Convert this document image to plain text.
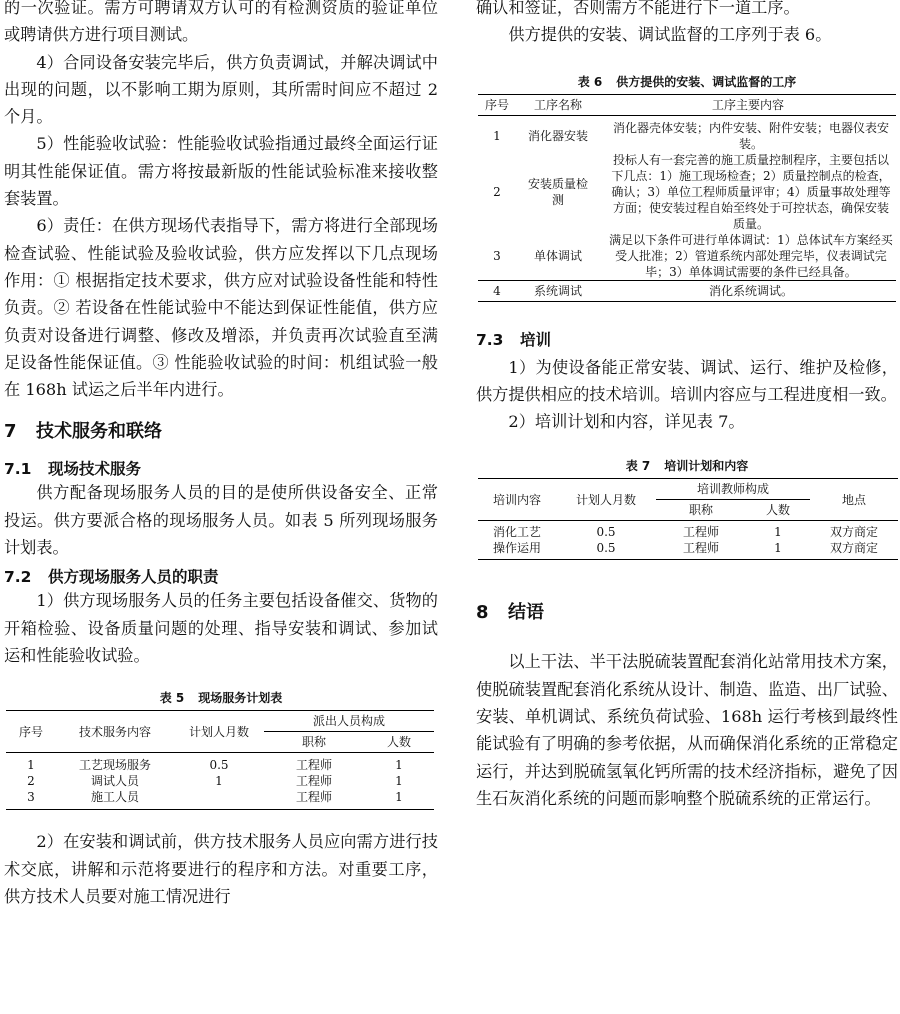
的一次验证。需方可聘请双方认可的有检测资质的验证单位或聘请供方进行项目测试。

4）合同设备安装完毕后，供方负责调试，并解决调试中出现的问题，以不影响工期为原则，其所需时间应不超过 2 个月。

5）性能验收试验：性能验收试验指通过最终全面运行证明其性能保证值。需方将按最新版的性能试验标准来接收整套装置。

6）责任：在供方现场代表指导下，需方将进行全部现场检查试验、性能试验及验收试验，供方应发挥以下几点现场作用：① 根据指定技术要求，供方应对试验设备性能和特性负责。② 若设备在性能试验中不能达到保证性能值，供方应负责对设备进行调整、修改及增添，并负责再次试验直至满足设备性能保证值。③ 性能验收试验的时间：机组试验一般在 168h 试运之后半年内进行。

7 技术服务和联络

7.1 现场技术服务

供方配备现场服务人员的目的是使所供设备安全、正常投运。供方要派合格的现场服务人员。如表 5 所列现场服务计划表。

7.2 供方现场服务人员的职责

1）供方现场服务人员的任务主要包括设备催交、货物的开箱检验、设备质量问题的处理、指导安装和调试、参加试运和性能验收试验。

表 5 现场服务计划表

序号	技术服务内容	计划人月数	派出人员构成	
			职称	人数
1	工艺现场服务	0.5	工程师	1
2	调试人员	1	工程师	1
3	施工人员		工程师	1

2）在安装和调试前，供方技术服务人员应向需方进行技术交底，讲解和示范将要进行的程序和方法。对重要工序，供方技术人员要对施工情况进行

确认和签证，否则需方不能进行下一道工序。

供方提供的安装、调试监督的工序列于表 6。

表 6 供方提供的安装、调试监督的工序

序号	工序名称	工序主要内容
1	消化器安装	消化器壳体安装；内件安装、附件安装；电器仪表安装。
2	安装质量检测	投标人有一套完善的施工质量控制程序，主要包括以下几点：1）施工现场检查；2）质量控制点的检查，确认；3）单位工程师质量评审；4）质量事故处理等方面；使安装过程自始至终处于可控状态，确保安装质量。
3	单体调试	满足以下条件可进行单体调试：1）总体试车方案经买受人批准；2）管道系统内部处理完毕，仪表调试完毕；3）单体调试需要的条件已经具备。
4	系统调试	消化系统调试。

7.3 培训

1）为使设备能正常安装、调试、运行、维护及检修，供方提供相应的技术培训。培训内容应与工程进度相一致。

2）培训计划和内容，详见表 7。

表 7 培训计划和内容

培训内容	计划人月数	培训教师构成		地点
		职称	人数	
消化工艺	0.5	工程师	1	双方商定
操作运用	0.5	工程师	1	双方商定

8 结语

以上干法、半干法脱硫装置配套消化站常用技术方案，使脱硫装置配套消化系统从设计、制造、监造、出厂试验、安装、单机调试、系统负荷试验、168h 运行考核到最终性能试验有了明确的参考依据，从而确保消化系统的正常稳定运行，并达到脱硫氢氧化钙所需的技术经济指标，避免了因生石灰消化系统的问题而影响整个脱硫系统的正常运行。
